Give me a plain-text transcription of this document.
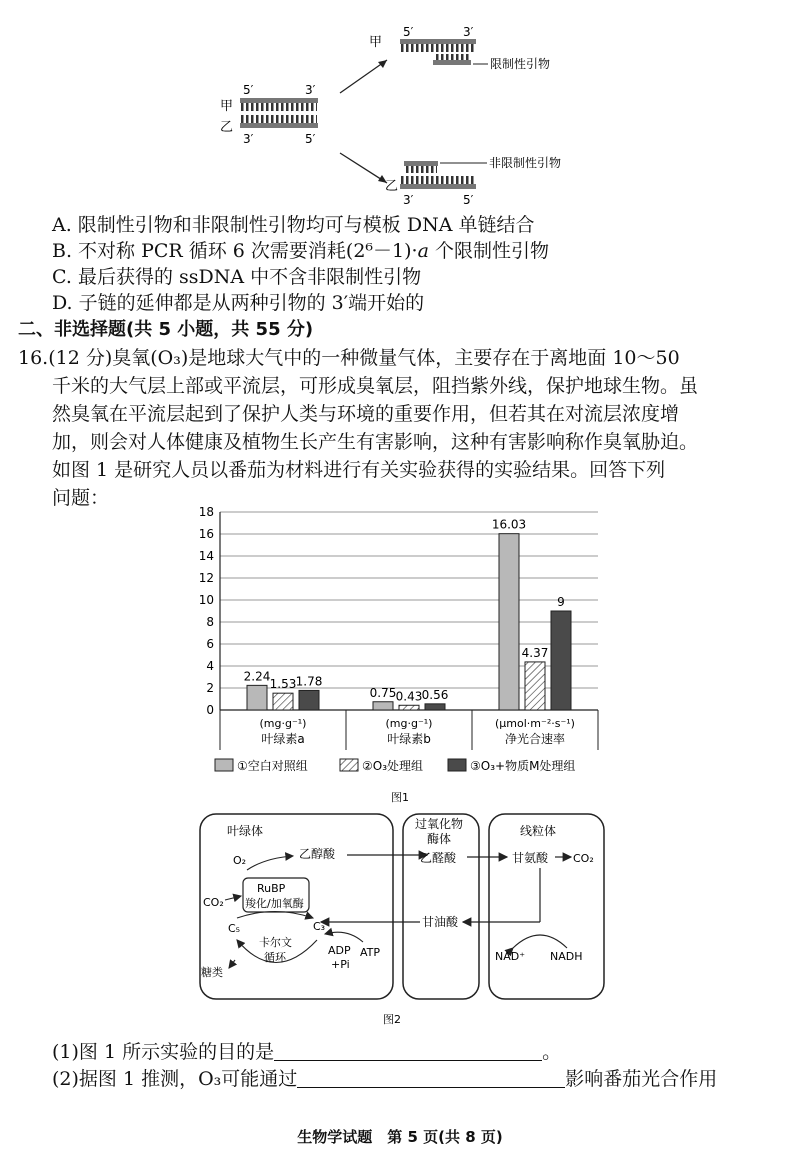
甲
乙
5′	3′
3′	5′
甲
5′	3′
限制性引物
非限制性引物
乙
3′	5′
A. 限制性引物和非限制性引物均可与模板 DNA 单链结合
B. 不对称 PCR 循环 6 次需要消耗(2⁶－1)·𝑎 个限制性引物
C. 最后获得的 ssDNA 中不含非限制性引物
D. 子链的延伸都是从两种引物的 3′端开始的
二、非选择题(共 5 小题，共 55 分)
16.(12 分)臭氧(O₃)是地球大气中的一种微量气体，主要存在于离地面 10～50
千米的大气层上部或平流层，可形成臭氧层，阻挡紫外线，保护地球生物。虽
然臭氧在平流层起到了保护人类与环境的重要作用，但若其在对流层浓度增
加，则会对人体健康及植物生长产生有害影响，这种有害影响称作臭氧胁迫。
如图 1 是研究人员以番茄为材料进行有关实验获得的实验结果。回答下列
问题：
0
2
4
6
8
10
12
14
16
18
(mg·g⁻¹)
叶绿素a
2.24
1.53 1.78
(mg·g⁻¹)
叶绿素b
0.75 0.43 0.56
(μmol·m⁻²·s⁻¹)
净光合速率
16.03
4.37
9
①空白对照组	②O₃处理组	③O₃+物质M处理组
图1
叶绿体	过氧化物
酶体
线粒体
O₂	乙醇酸	乙醛酸	甘氨酸 CO₂
RuBP
羧化/加氧酶
CO₂
C₅	C₃
卡尔文
循环
ADP
+Pi
ATP
糖类
甘油酸
NAD⁺ NADH
图2
(1)图 1 所示实验的目的是	。
(2)据图 1 推测，O₃可能通过	影响番茄光合作用
生物学试题　第 5 页(共 8 页)
